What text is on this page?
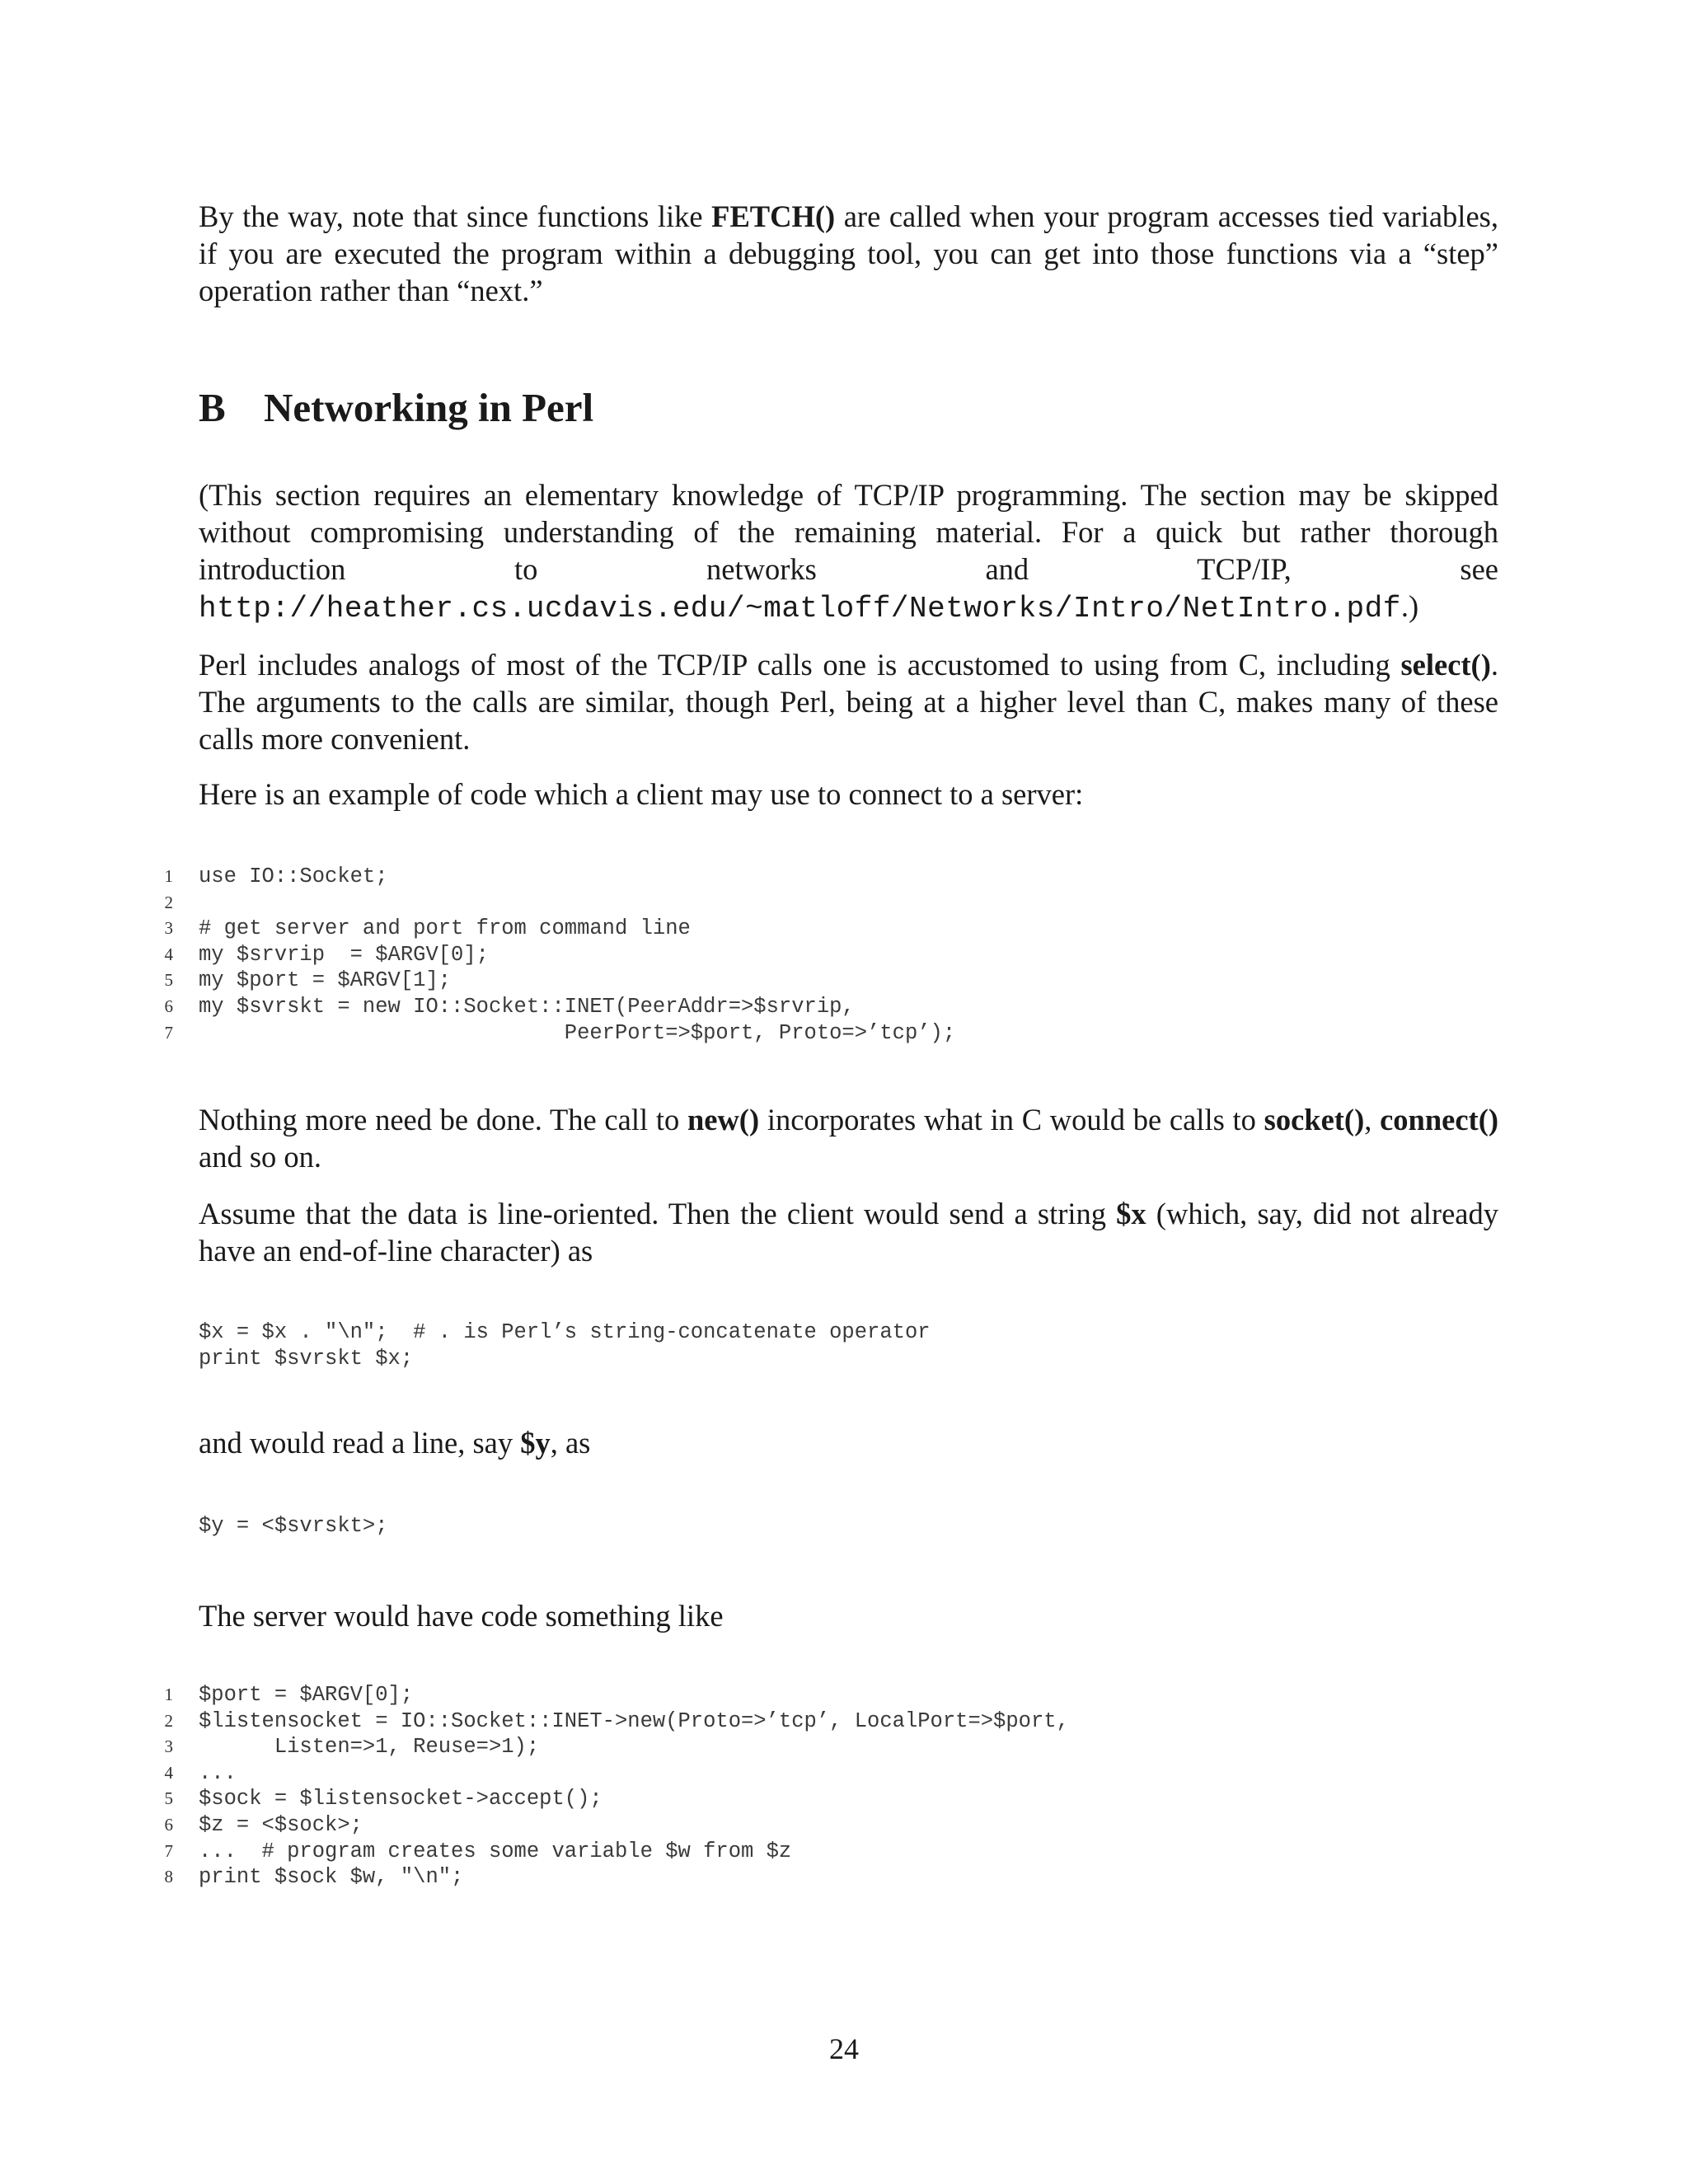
By the way, note that since functions like FETCH() are called when your program accesses tied variables, if you are executed the program within a debugging tool, you can get into those functions via a “step” operation rather than “next.”

B Networking in Perl

(This section requires an elementary knowledge of TCP/IP programming. The section may be skipped without compromising understanding of the remaining material. For a quick but rather thorough introduction to networks and TCP/IP, see http://heather.cs.ucdavis.edu/~matloff/Networks/Intro/NetIntro.pdf.)

Perl includes analogs of most of the TCP/IP calls one is accustomed to using from C, including select(). The arguments to the calls are similar, though Perl, being at a higher level than C, makes many of these calls more convenient.

Here is an example of code which a client may use to connect to a server:

1 use IO::Socket;
2
3 # get server and port from command line
4 my $srvrip  = $ARGV[0];
5 my $port = $ARGV[1];
6 my $svrskt = new IO::Socket::INET(PeerAddr=>$srvrip,
7 PeerPort=>$port, Proto=>’tcp’);

Nothing more need be done. The call to new() incorporates what in C would be calls to socket(), connect() and so on.

Assume that the data is line-oriented. Then the client would send a string $x (which, say, did not already have an end-of-line character) as

$x = $x . "\n";  # . is Perl’s string-concatenate operator
print $svrskt $x;

and would read a line, say $y, as

$y = <$svrskt>;

The server would have code something like

1 $port = $ARGV[0];
2 $listensocket = IO::Socket::INET->new(Proto=>’tcp’, LocalPort=>$port,
3 Listen=>1, Reuse=>1);
4 ...
5 $sock = $listensocket->accept();
6 $z = <$sock>;
7 ...  # program creates some variable $w from $z
8 print $sock $w, "\n";
24
